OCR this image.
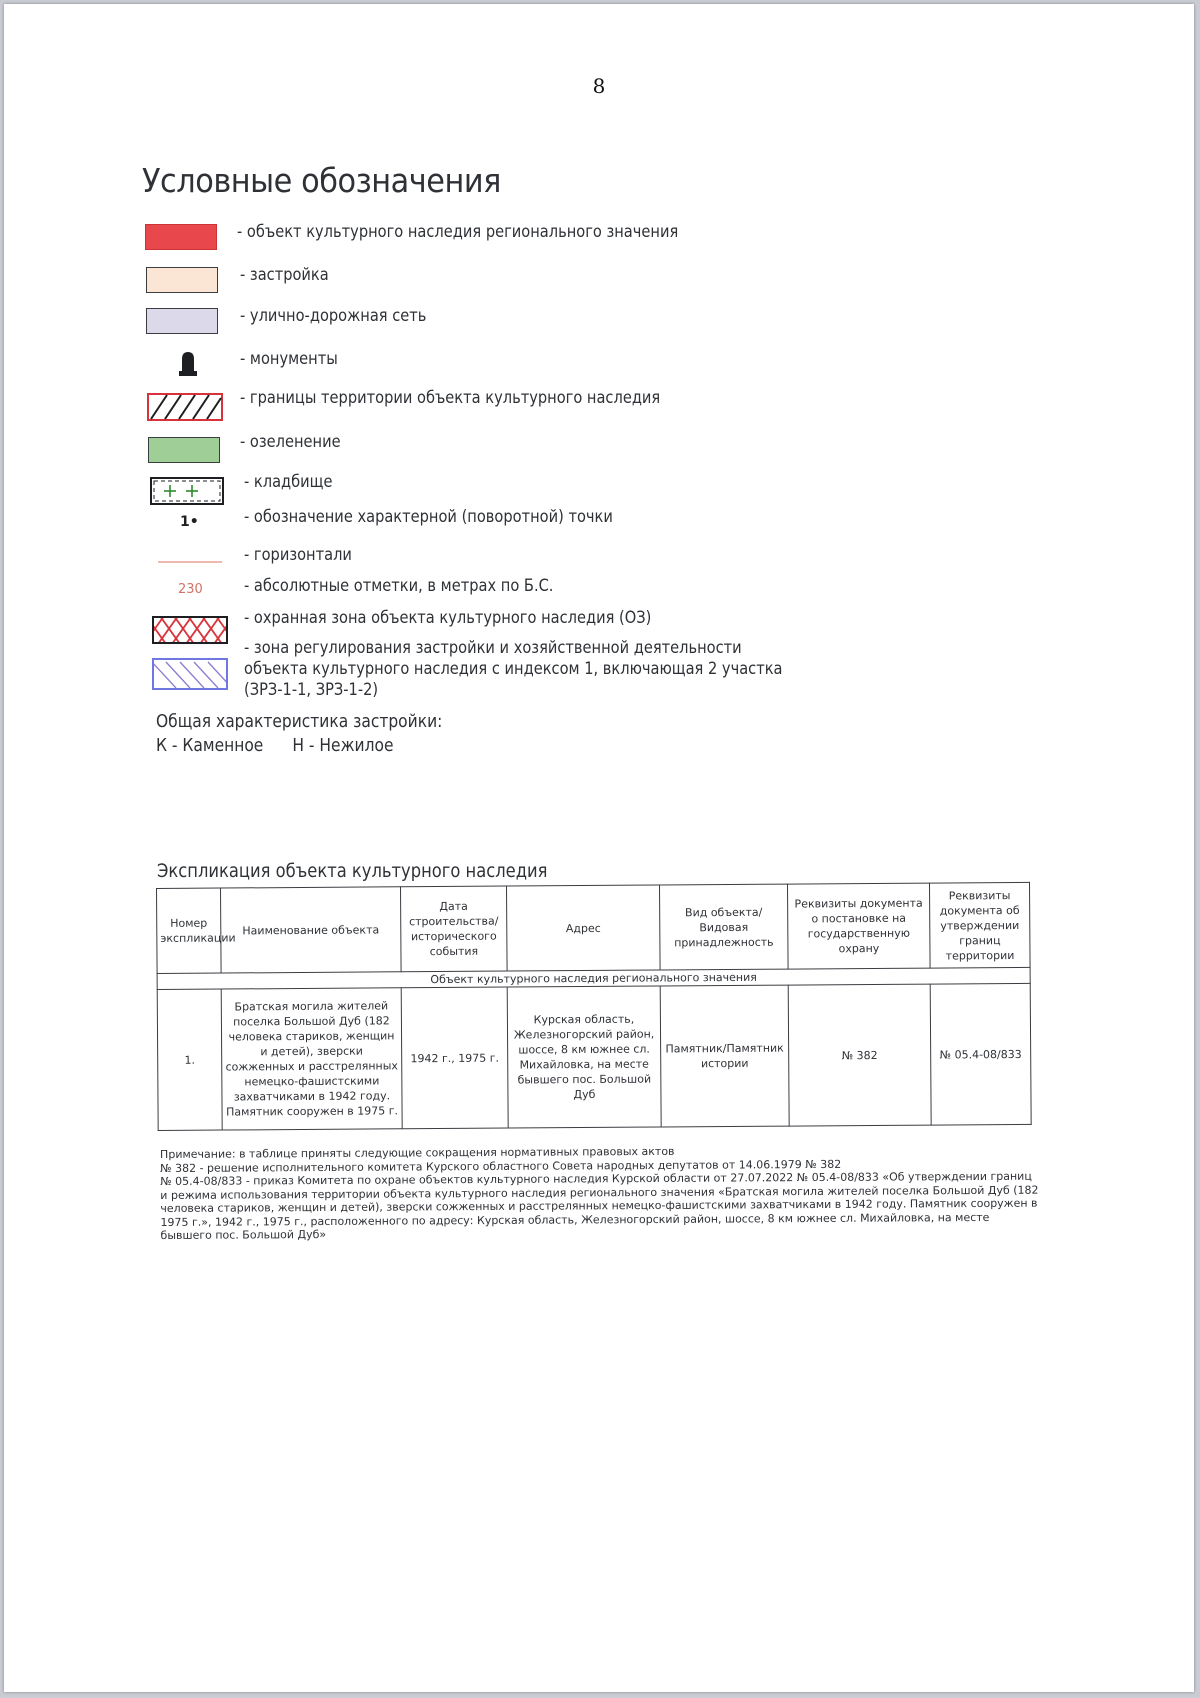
8
Условные обозначения
- объект культурного наследия регионального значения
- застройка
- улично-дорожная сеть
- монументы
- границы территории объекта культурного наследия
- озеленение
- кладбище
1•	- обозначение характерной (поворотной) точки
- горизонтали
230 - абсолютные отметки, в метрах по Б.С.
- охранная зона объекта культурного наследия (ОЗ)
- зона регулирования застройки и хозяйственной деятельности
объекта культурного наследия с индексом 1, включающая 2 участка
(ЗРЗ-1-1, ЗРЗ-1-2)
Общая характеристика застройки:
К - Каменное Н - Нежилое
Экспликация объекта культурного наследия
Номер экспликации	Наименование объекта	Дата строительства/ исторического события	Адрес	Вид объекта/Видовая принадлежность	Реквизиты документа о постановке на государственную охрану	Реквизиты документа об утверждении границ территории
Объект культурного наследия регионального значения						
1.	Братская могила жителей поселка Большой Дуб (182 человека стариков, женщин и детей), зверски сожженных и расстрелянных немецко-фашистскими захватчиками в 1942 году. Памятник сооружен в 1975 г.	1942 г., 1975 г.	Курская область, Железногорский район, шоссе, 8 км южнее сл. Михайловка, на месте бывшего пос. Большой Дуб	Памятник/Памятник истории	№ 382	№ 05.4-08/833
Примечание: в таблице приняты следующие сокращения нормативных правовых актов
№ 382 - решение исполнительного комитета Курского областного Совета народных депутатов от 14.06.1979 № 382
№ 05.4-08/833 - приказ Комитета по охране объектов культурного наследия Курской области от 27.07.2022 № 05.4-08/833 «Об утверждении границ и режима использования территории объекта культурного наследия регионального значения «Братская могила жителей поселка Большой Дуб (182 человека стариков, женщин и детей), зверски сожженных и расстрелянных немецко-фашистскими захватчиками в 1942 году. Памятник сооружен в 1975 г.», 1942 г., 1975 г., расположенного по адресу: Курская область, Железногорский район, шоссе, 8 км южнее сл. Михайловка, на месте бывшего пос. Большой Дуб»
